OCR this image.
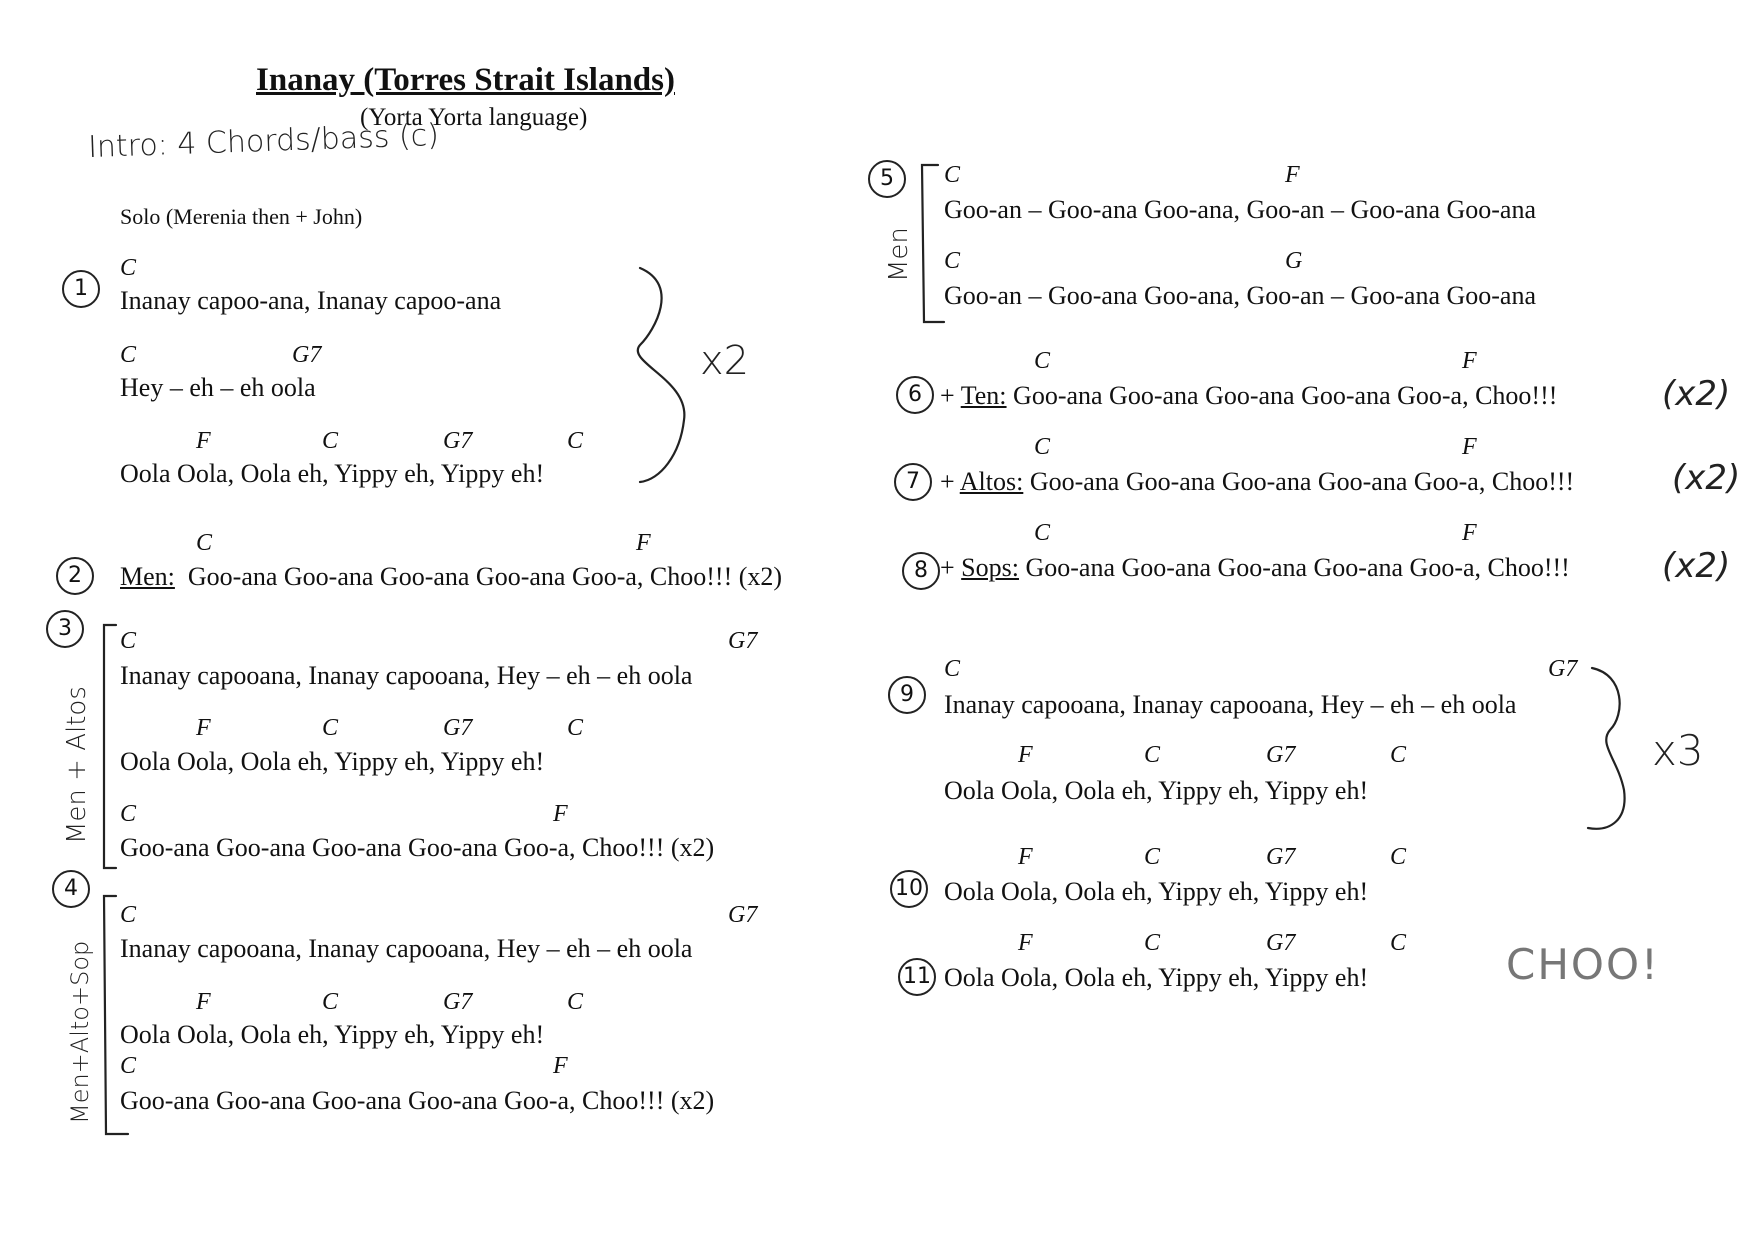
Inanay (Torres Strait Islands)
(Yorta Yorta language)
Intro: 4 Chords/bass (c)
Solo (Merenia then + John)
1
C
Inanay capoo-ana, Inanay capoo-ana
C	G7
Hey – eh – eh oola
F	C	G7	C
Oola Oola, Oola eh, Yippy eh, Yippy eh!
x2
2
C	F
Men: Goo-ana Goo-ana Goo-ana Goo-ana Goo-a, Choo!!! (x2)
3
Men + Altos
C	G7
Inanay capooana, Inanay capooana, Hey – eh – eh oola
F	C	G7	C
Oola Oola, Oola eh, Yippy eh, Yippy eh!
C	F
Goo-ana Goo-ana Goo-ana Goo-ana Goo-a, Choo!!! (x2)
4
Men+Alto+Sop
C	G7
Inanay capooana, Inanay capooana, Hey – eh – eh oola
F	C	G7	C
Oola Oola, Oola eh, Yippy eh, Yippy eh!
C	F
Goo-ana Goo-ana Goo-ana Goo-ana Goo-a, Choo!!! (x2)
5
Men
C	F
Goo-an – Goo-ana Goo-ana, Goo-an – Goo-ana Goo-ana
C	G
Goo-an – Goo-ana Goo-ana, Goo-an – Goo-ana Goo-ana
6
C	F
+ Ten: Goo-ana Goo-ana Goo-ana Goo-ana Goo-a, Choo!!!	(x2)
7
C	F
+ Altos: Goo-ana Goo-ana Goo-ana Goo-ana Goo-a, Choo!!!	(x2)
8
C	F
+ Sops: Goo-ana Goo-ana Goo-ana Goo-ana Goo-a, Choo!!!	(x2)
9
C	G7
Inanay capooana, Inanay capooana, Hey – eh – eh oola
F	C	G7	C
Oola Oola, Oola eh, Yippy eh, Yippy eh!
x3
10
F	C	G7	C
Oola Oola, Oola eh, Yippy eh, Yippy eh!
11
F	C	G7	C
Oola Oola, Oola eh, Yippy eh, Yippy eh!	CHOO!
